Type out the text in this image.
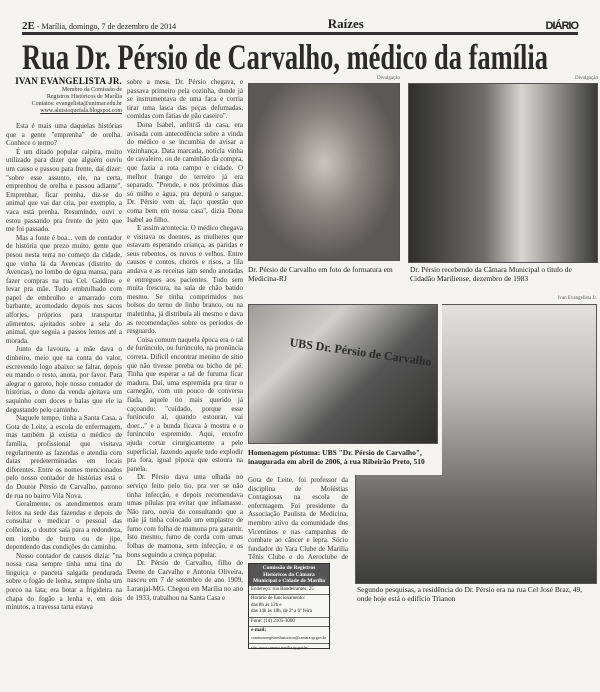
2E - Marília, domingo, 7 de dezembro de 2014	Raízes	DIÁRIO
Rua Dr. Pérsio de Carvalho, médico da família
IVAN EVANGELISTA JR.
Membro da Comissão de
Registros Históricos de Marília
Contatos: evangelista@unimar.edu.br
www.aluisioquefala.blogspot.com

Esta é mais uma daquelas histórias que a gente "emprenha" de orelha. Conhece o termo?

É um ditado popular caipira, muito utilizado para dizer que alguém ouviu um causo e passou para frente, daí dizer: "sobre esse assunto, ele, na certa, emprenhou de orelha e passou adiante". Emprenhar, ficar prenha, diz-se do animal que vai dar cria, por exemplo, a vaca está prenha. Resumindo, ouvi e estou passando pra frente do jeito que me foi passado.

Mas a fonte é boa... vem de contador de história que prezo muito, gente que pesou nesta terra no começo da cidade, que vinha lá da Avencas (distrito de Avencas), no lombo de égua mansa, para fazer compras na rua Cel. Galdino e levar pra mãe. Tudo embrulhado com papel de embrulho e amarrado com barbante, acomodado depois nos sacos alforjes, próprios para transportar alimentos, ajeitados sobre a sela do animal, que seguia a passos lentos até a morada.

Junto da lavoura, a mãe dava o dinheiro, meio que na conta do valor, escrevendo logo abaixo: se faltar, depois eu mando o resto, anota, por favor. Para alegrar o garoto, hoje nosso contador de histórias, o dono da venda ajeitava um saquinho com doces e balas que ele ia degustando pelo caminho.

Naquele tempo, tinha a Santa Casa, a Gota de Leite, a escola de enfermagem, mas também já existia o médico de família, profissional que visitava regularmente as fazendas e atendia com datas predeterminadas em locais diferentes. Entre os nomes mencionados pelo nosso contador de histórias está o do Doutor Pérsio de Carvalho, patrono de rua no bairro Vila Nova.

Geralmente, os atendimentos eram feitos na sede das fazendas e depois de consultar e medicar o pessoal das colônias, o doutor saía para a redondeza, em lombo de burro ou de jipe, dependendo das condições do caminho.

Nosso contador de causos dizia: "na nossa casa sempre tinha uma tina de linguiça e panceta salgada pendurada sobre o fogão de lenha, sempre tinha um porco na lata; era botar a frigideira na chapa do fogão a lenha e, em dois minutos, a travessa tarta estava

sobre a mesa. Dr. Pérsio chegava, e passava primeiro pela cozinha, donde já se instrumentava de uma faca e corria tirar uma lasca das peças defumadas, comidas com fatias de pão caseiro".

Dona Isabel, anfitriã da casa, era avisada com antecedência sobre a vinda do médico e se incumbia de avisar a vizinhança. Data marcada, notícia vinha de cavaleiro, ou de caminhão da compra, que fazia a rota campo e cidade. O melhor frango do terreiro já era separado. "Prende, e nos próximos dias só milho e água, pra depurá o sangue, Dr. Pérsio vem aí, faço questão que coma bem em nossa casa", dizia Dona Isabel ao filho.

E assim acontecia. O médico chegava e visitava os doentes, as mulheres que estavam esperando criança, as paridas e seus rebentos, os novos e velhos. Entre causos e contos, choros e risos, a fila andava e as receitas iam sendo anotadas e entregues aos pacientes. Tudo sem muita frescura, na sala de chão batido mesmo. Se tinha comprimidos nos bolsos do terno de linho branco, ou na maletinha, já distribuía ali mesmo e dava as recomendações sobre os períodos de resguardo.

Coisa comum naquela época era o tal de furúnculo, ou furúnculo, na pronúncia correta. Difícil encontrar menino de sítio que não tivesse pereba ou bicho de pé. Tinha que esperar a tal de furuma ficar madura. Daí, uma espremida pra tirar o carnegão, com um pouco de conversa fiada, aquele tio mais querido já caçoando: "cuidado, porque esse furúnculo aí, quando estourar, vai doer..." e a bunda ficava à mostra e o furúnculo espremido. Aqui, enxofre ajuda cortar cirurgicamente a pele superficial, fazendo aquele tudo explodir pra fora, igual pipoca que estoura na panela.

Dr. Pérsio dava uma olhada no serviço feito pelo tio, pra ver se não tinha infecção, e depois recomendava umas pílulas pra evitar que inflamasse. Não raro, ouvia do consultando que a mãe já tinha colocado um emplastro de fumo com folha de mamona pra garantir. Isto mesmo, fumo de corda com umas folhas de mamona, sem infecção, e os bons seguindo a crença popular.

Dr. Pérsio de Carvalho, filho de Deene de Carvalho e Antonia Oliveira, nasceu em 7 de setembro de ano 1909, Laranjal-MG. Chegou em Marília no ano de 1933, trabalhou na Santa Casa e

Divulgação
Dr. Pérsio de Carvalho em foto de formatura em Medicina-RJ
Divulgação
Dr. Pérsio recebendo da Câmara Municipal o título de Cidadão Mariliense, dezembro de 1983
Ivan Evangelista Jr.
Segundo pesquisas, a residência do Dr. Pérsio era na rua Cel José Braz, 49, onde hoje está o edifício Trianon
UBS Dr. Pérsio de Carvalho
Homenagem póstuma: UBS "Dr. Pérsio de Carvalho", inaugurada em abril de 2006, à rua Ribeirão Preto, 510

Gota de Leite, foi professor da disciplina de Moléstias Contagiosas na escola de enfermagem. Foi presidente da Associação Paulista de Medicina, membro ativo da comunidade dos Vicentinos e nas campanhas de combate ao câncer e lepra. Sócio fundador do Yara Clube de Marília Tênis Clube e do Aeroclube de

Comissão de Registros Históricos da Câmara Municipal e Cidade de Marília
Endereço: rua Bandeirantes, 25
Horário de funcionamento:
das 8h às 12h e
das 14h às 18h, de 2ª a 6ª feira
Fone: (14) 2105-3000
e-mail:
comissaoregistroshistoricos@camara.sp.gov.br
site: www.camara.marilia.sp.gov.br
